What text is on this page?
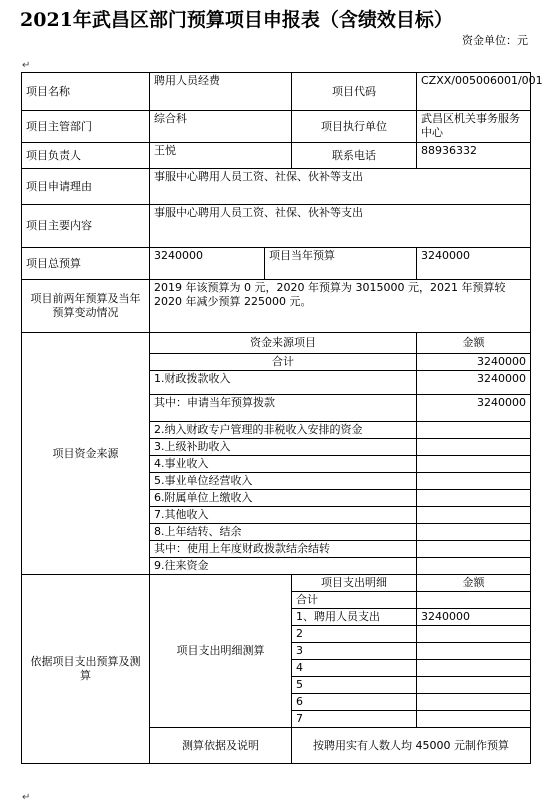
2021年武昌区部门预算项目申报表（含绩效目标）
资金单位：元
↵
项目名称	聘用人员经费		项目代码	CZXX/005006001/001
项目主管部门	综合科		项目执行单位	武昌区机关事务服务中心
项目负责人	王悦		联系电话	88936332
项目申请理由	事服中心聘用人员工资、社保、伙补等支出			
项目主要内容	事服中心聘用人员工资、社保、伙补等支出			
项目总预算	3240000	项目当年预算		3240000
项目前两年预算及当年预算变动情况	2019 年该预算为 0 元，2020 年预算为 3015000 元，2021 年预算较 2020 年减少预算 225000 元。			
项目资金来源	资金来源项目			金额
	合计			3240000
	1.财政拨款收入			3240000
	其中：申请当年预算拨款			3240000
	2.纳入财政专户管理的非税收入安排的资金			
	3.上级补助收入			
	4.事业收入			
	5.事业单位经营收入			
	6.附属单位上缴收入			
	7.其他收入			
	8.上年结转、结余			
	其中：使用上年度财政拨款结余结转			
	9.往来资金			
依据项目支出预算及测算	项目支出明细测算		项目支出明细	金额
			合计	
			1、聘用人员支出	3240000
			2	
			3	
			4	
			5	
			6	
			7	
	测算依据及说明		按聘用实有人数人均 45000 元制作预算	
↵
